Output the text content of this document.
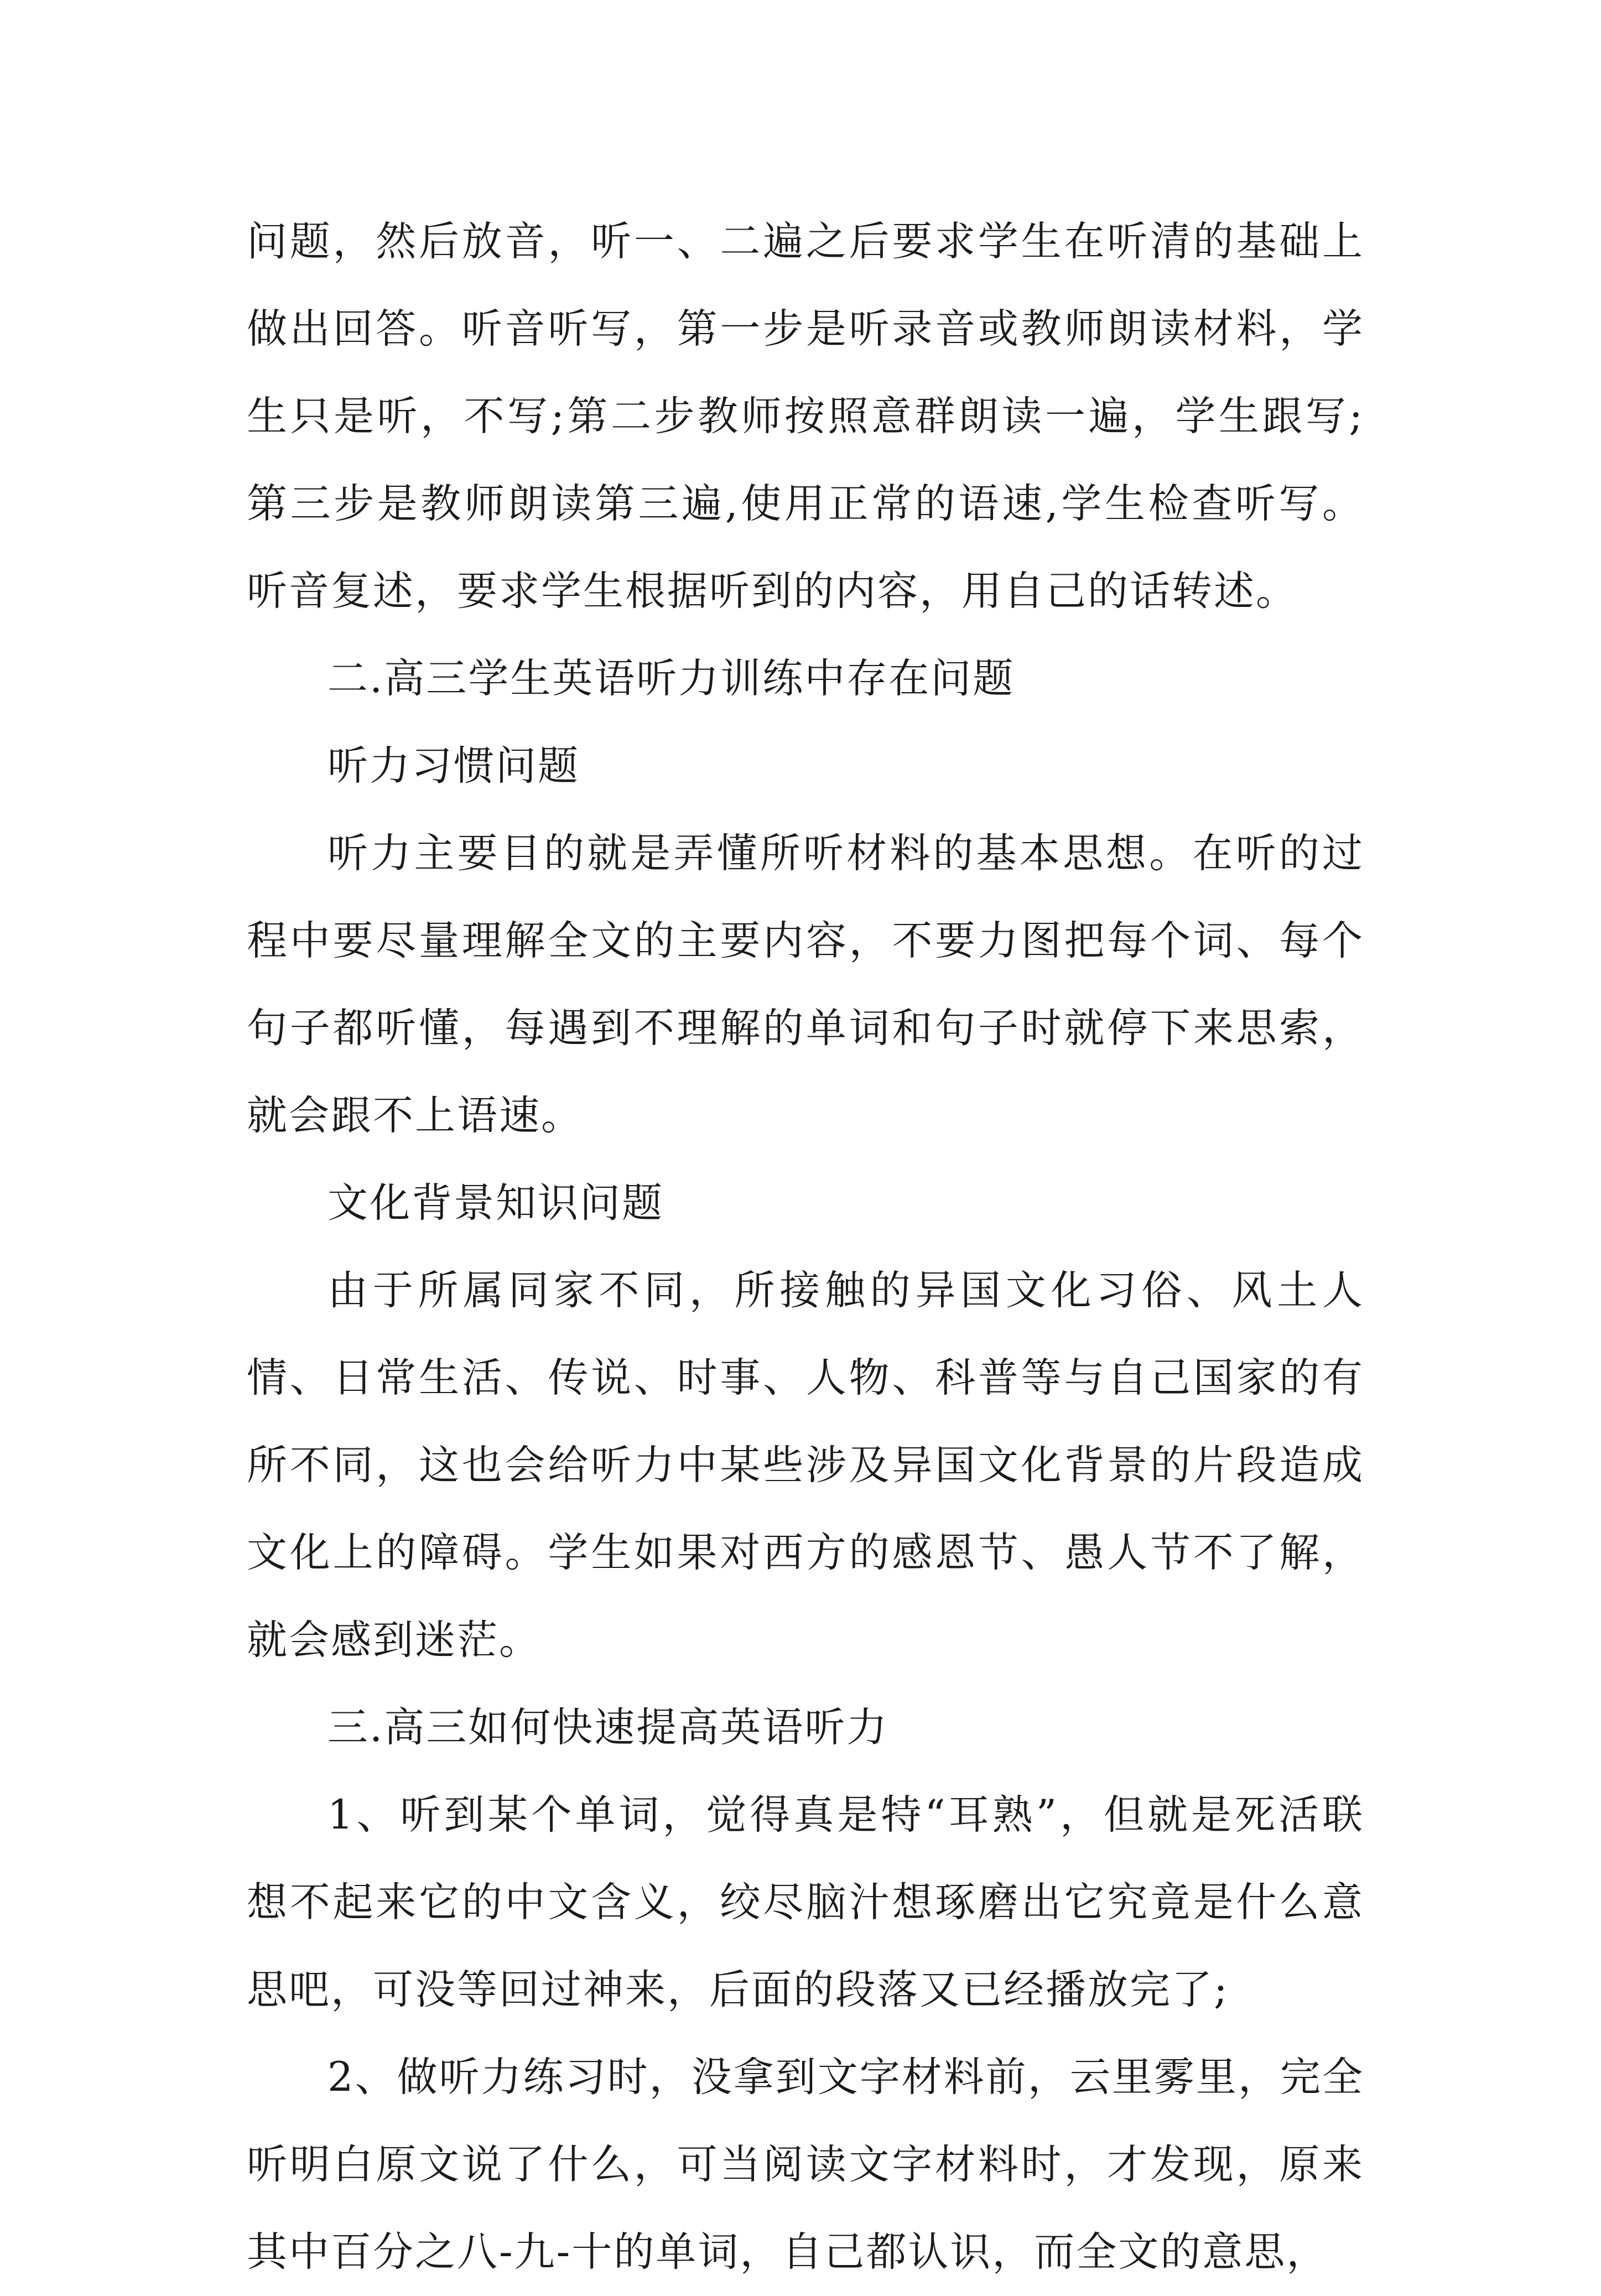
问题，然后放音，听一、二遍之后要求学生在听清的基础上做出回答。听音听写，第一步是听录音或教师朗读材料，学生只是听，不写;第二步教师按照意群朗读一遍，学生跟写;第三步是教师朗读第三遍,使用正常的语速,学生检查听写。听音复述，要求学生根据听到的内容，用自己的话转述。

二.高三学生英语听力训练中存在问题

听力习惯问题

听力主要目的就是弄懂所听材料的基本思想。在听的过程中要尽量理解全文的主要内容，不要力图把每个词、每个句子都听懂，每遇到不理解的单词和句子时就停下来思索，就会跟不上语速。

文化背景知识问题

由于所属同家不同，所接触的异国文化习俗、风土人情、日常生活、传说、时事、人物、科普等与自己国家的有所不同，这也会给听力中某些涉及异国文化背景的片段造成文化上的障碍。学生如果对西方的感恩节、愚人节不了解，就会感到迷茫。

三.高三如何快速提高英语听力

1、听到某个单词，觉得真是特“耳熟”，但就是死活联想不起来它的中文含义，绞尽脑汁想琢磨出它究竟是什么意思吧，可没等回过神来，后面的段落又已经播放完了;

2、做听力练习时，没拿到文字材料前，云里雾里，完全听明白原文说了什么，可当阅读文字材料时，才发现，原来其中百分之八-九-十的单词，自己都认识，而全文的意思，
